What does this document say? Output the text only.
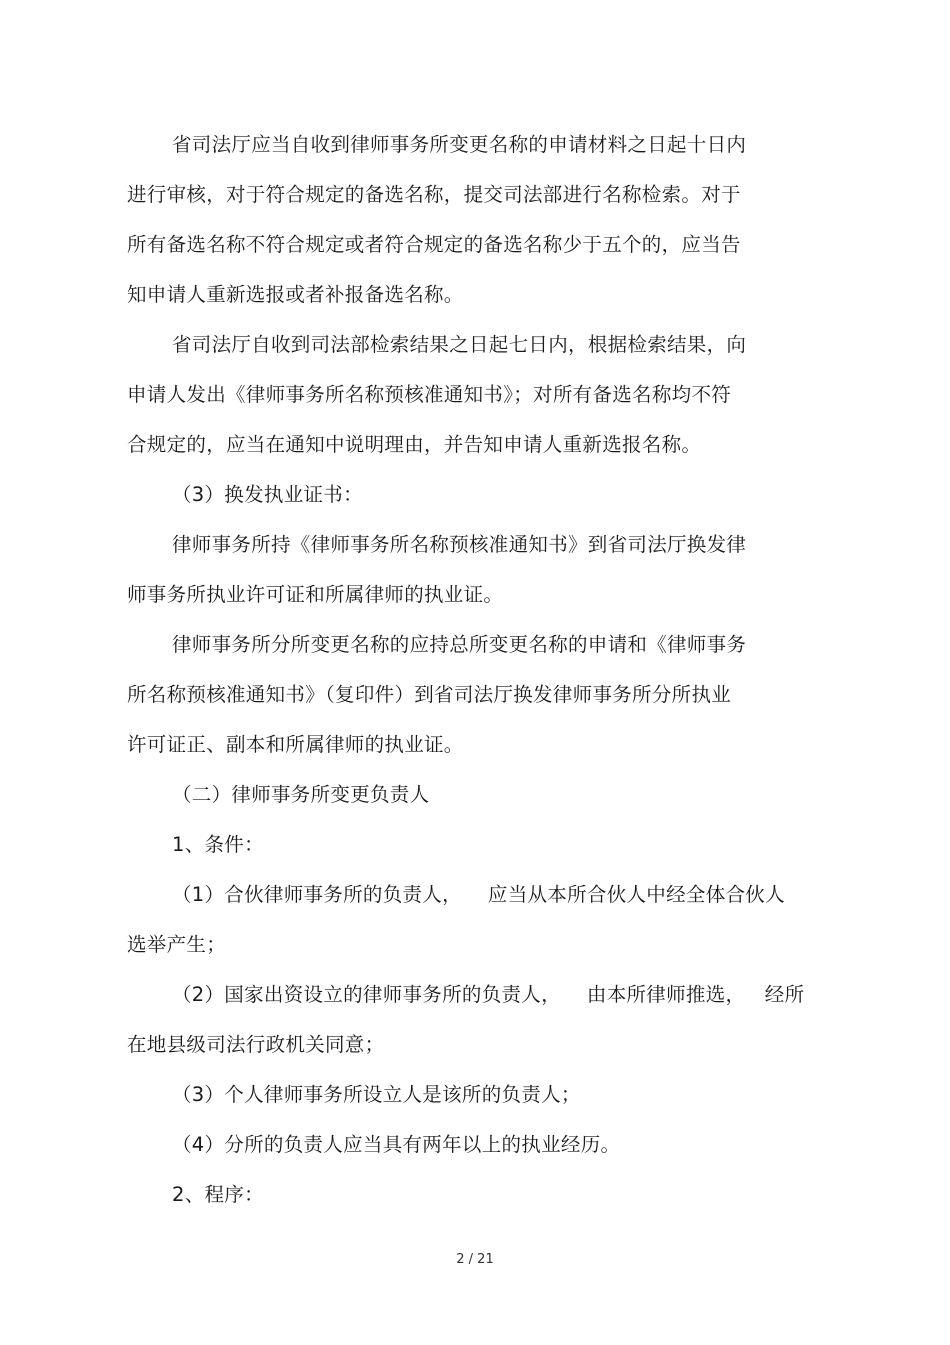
省司法厅应当自收到律师事务所变更名称的申请材料之日起十日内
进行审核，对于符合规定的备选名称，提交司法部进行名称检索。对于
所有备选名称不符合规定或者符合规定的备选名称少于五个的，应当告
知申请人重新选报或者补报备选名称。
省司法厅自收到司法部检索结果之日起七日内，根据检索结果，向
申请人发出《律师事务所名称预核准通知书》；对所有备选名称均不符
合规定的，应当在通知中说明理由，并告知申请人重新选报名称。
（3）换发执业证书：
律师事务所持《律师事务所名称预核准通知书》到省司法厅换发律
师事务所执业许可证和所属律师的执业证。
律师事务所分所变更名称的应持总所变更名称的申请和《律师事务
所名称预核准通知书》（复印件）到省司法厅换发律师事务所分所执业
许可证正、副本和所属律师的执业证。
（二）律师事务所变更负责人
1、条件：
（1）合伙律师事务所的负责人，    应当从本所合伙人中经全体合伙人
选举产生；
（2）国家出资设立的律师事务所的负责人，    由本所律师推选，   经所
在地县级司法行政机关同意；
（3）个人律师事务所设立人是该所的负责人；
（4）分所的负责人应当具有两年以上的执业经历。
2、程序：
2 / 21
